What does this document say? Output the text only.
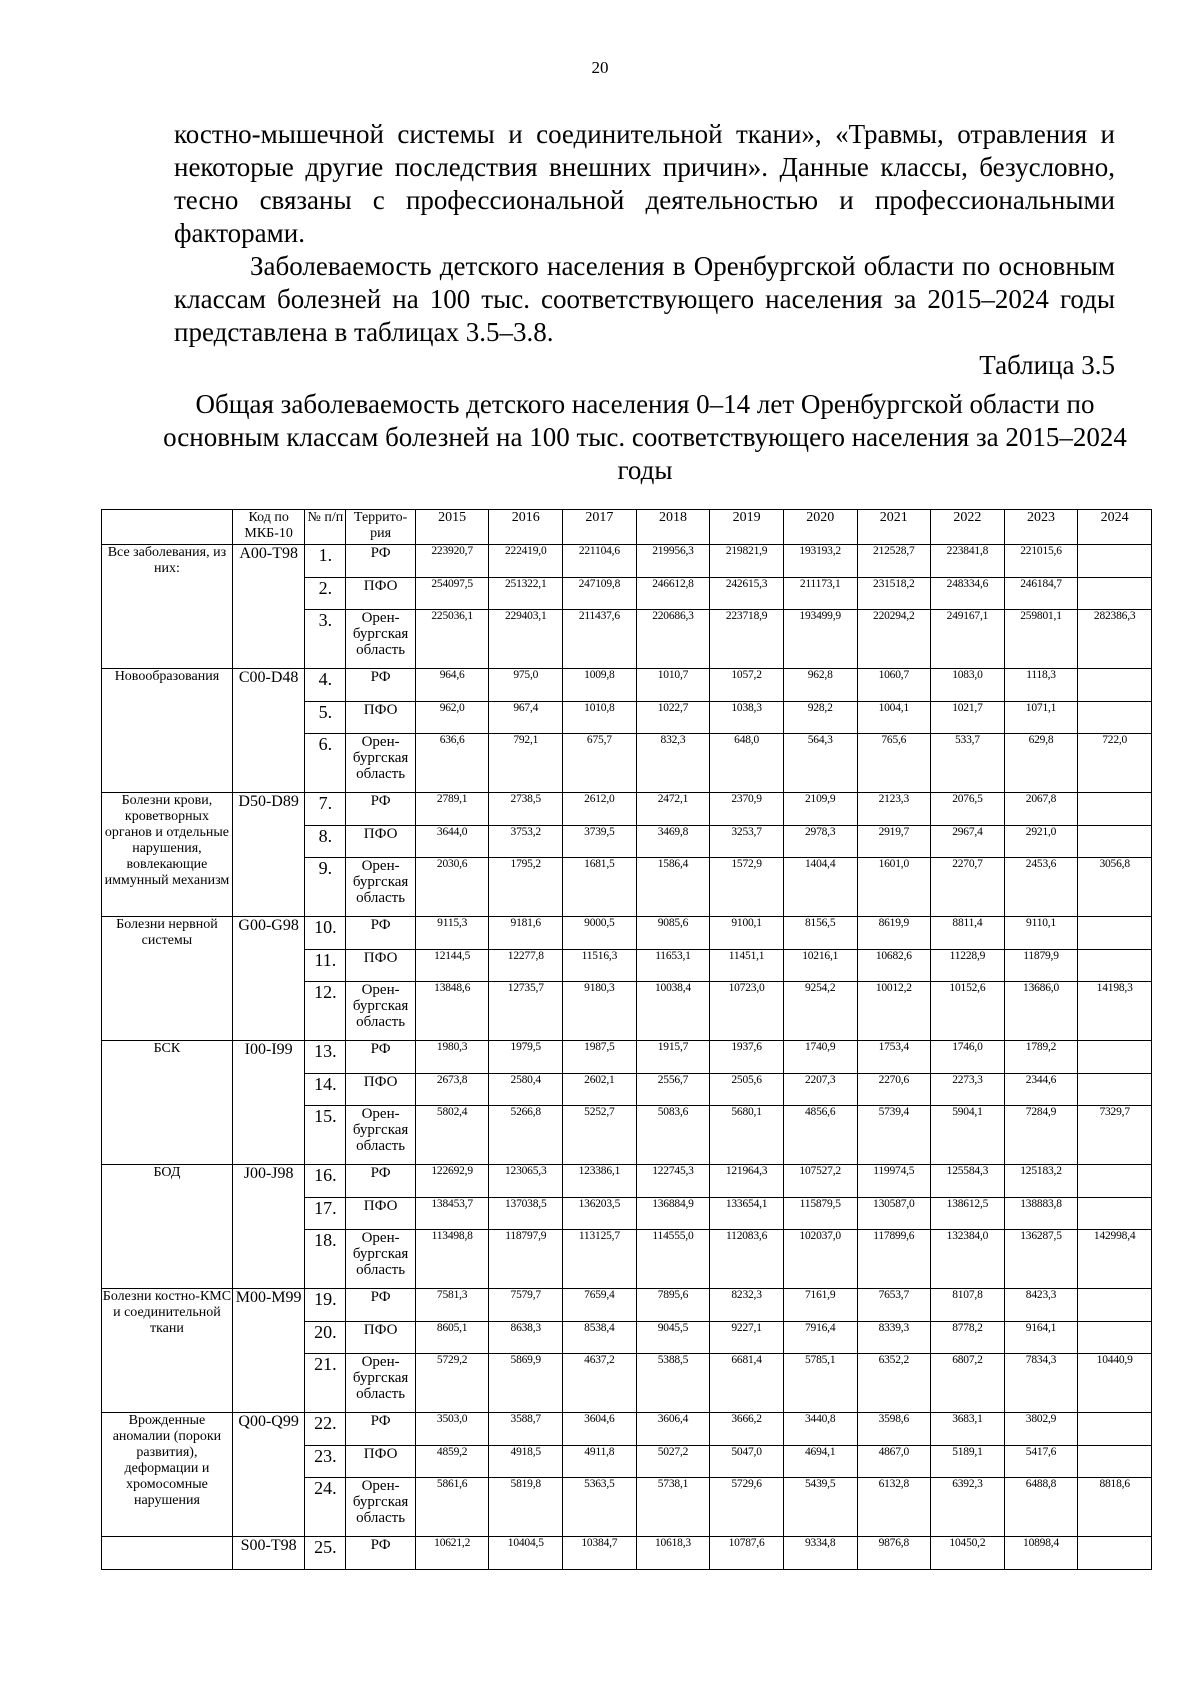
20

костно-мышечной системы и соединительной ткани», «Травмы, отравления и некоторые другие последствия внешних причин». Данные классы, безусловно, тесно связаны с профессиональной деятельностью и профессиональными факторами.

Заболеваемость детского населения в Оренбургской области по основным классам болезней на 100 тыс. соответствующего населения за 2015–2024 годы представлена в таблицах 3.5–3.8.

Таблица 3.5
Общая заболеваемость детского населения 0–14 лет Оренбургской области по основным классам болезней на 100 тыс. соответствующего населения за 2015–2024 годы
	Код по МКБ-10	№ п/п	Террито-рия	2015	2016	2017	2018	2019	2020	2021	2022	2023	2024
Все заболевания, из них:	A00-T98	1.	РФ	223920,7	222419,0	221104,6	219956,3	219821,9	193193,2	212528,7	223841,8	221015,6	
		2.	ПФО	254097,5	251322,1	247109,8	246612,8	242615,3	211173,1	231518,2	248334,6	246184,7	
		3.	Орен-бургская область	225036,1	229403,1	211437,6	220686,3	223718,9	193499,9	220294,2	249167,1	259801,1	282386,3
Новообразования	C00-D48	4.	РФ	964,6	975,0	1009,8	1010,7	1057,2	962,8	1060,7	1083,0	1118,3	
		5.	ПФО	962,0	967,4	1010,8	1022,7	1038,3	928,2	1004,1	1021,7	1071,1	
		6.	Орен-бургская область	636,6	792,1	675,7	832,3	648,0	564,3	765,6	533,7	629,8	722,0
Болезни крови, кроветворных органов и отдельные нарушения, вовлекающие иммунный механизм	D50-D89	7.	РФ	2789,1	2738,5	2612,0	2472,1	2370,9	2109,9	2123,3	2076,5	2067,8	
		8.	ПФО	3644,0	3753,2	3739,5	3469,8	3253,7	2978,3	2919,7	2967,4	2921,0	
		9.	Орен-бургская область	2030,6	1795,2	1681,5	1586,4	1572,9	1404,4	1601,0	2270,7	2453,6	3056,8
Болезни нервной системы	G00-G98	10.	РФ	9115,3	9181,6	9000,5	9085,6	9100,1	8156,5	8619,9	8811,4	9110,1	
		11.	ПФО	12144,5	12277,8	11516,3	11653,1	11451,1	10216,1	10682,6	11228,9	11879,9	
		12.	Орен-бургская область	13848,6	12735,7	9180,3	10038,4	10723,0	9254,2	10012,2	10152,6	13686,0	14198,3
БСК	I00-I99	13.	РФ	1980,3	1979,5	1987,5	1915,7	1937,6	1740,9	1753,4	1746,0	1789,2	
		14.	ПФО	2673,8	2580,4	2602,1	2556,7	2505,6	2207,3	2270,6	2273,3	2344,6	
		15.	Орен-бургская область	5802,4	5266,8	5252,7	5083,6	5680,1	4856,6	5739,4	5904,1	7284,9	7329,7
БОД	J00-J98	16.	РФ	122692,9	123065,3	123386,1	122745,3	121964,3	107527,2	119974,5	125584,3	125183,2	
		17.	ПФО	138453,7	137038,5	136203,5	136884,9	133654,1	115879,5	130587,0	138612,5	138883,8	
		18.	Орен-бургская область	113498,8	118797,9	113125,7	114555,0	112083,6	102037,0	117899,6	132384,0	136287,5	142998,4
Болезни костно-КМС и соединительной ткани	M00-M99	19.	РФ	7581,3	7579,7	7659,4	7895,6	8232,3	7161,9	7653,7	8107,8	8423,3	
		20.	ПФО	8605,1	8638,3	8538,4	9045,5	9227,1	7916,4	8339,3	8778,2	9164,1	
		21.	Орен-бургская область	5729,2	5869,9	4637,2	5388,5	6681,4	5785,1	6352,2	6807,2	7834,3	10440,9
Врожденные аномалии (пороки развития), деформации и хромосомные нарушения	Q00-Q99	22.	РФ	3503,0	3588,7	3604,6	3606,4	3666,2	3440,8	3598,6	3683,1	3802,9	
		23.	ПФО	4859,2	4918,5	4911,8	5027,2	5047,0	4694,1	4867,0	5189,1	5417,6	
		24.	Орен-бургская область	5861,6	5819,8	5363,5	5738,1	5729,6	5439,5	6132,8	6392,3	6488,8	8818,6
	S00-T98	25.	РФ	10621,2	10404,5	10384,7	10618,3	10787,6	9334,8	9876,8	10450,2	10898,4	
